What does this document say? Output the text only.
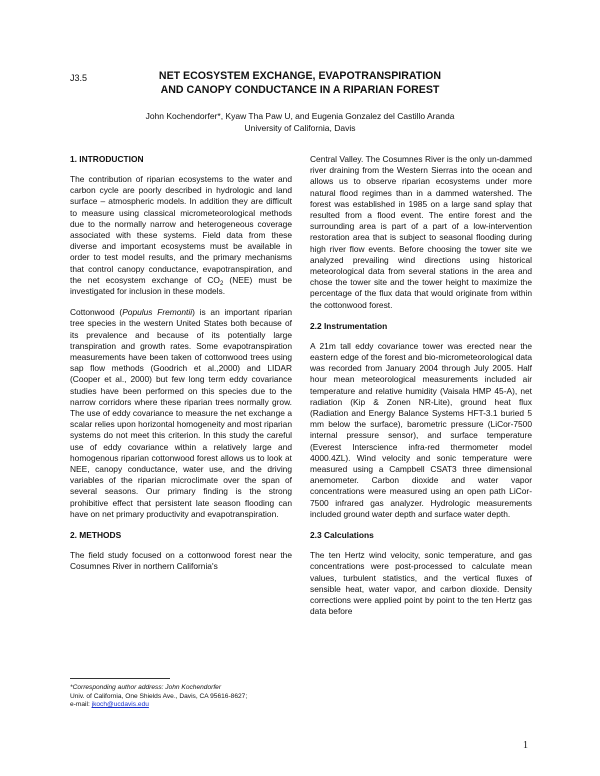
J3.5	NET ECOSYSTEM EXCHANGE, EVAPOTRANSPIRATION
AND CANOPY CONDUCTANCE IN A RIPARIAN FOREST
John Kochendorfer*, Kyaw Tha Paw U, and Eugenia Gonzalez del Castillo Aranda
University of California, Davis
1. INTRODUCTION

The contribution of riparian ecosystems to the water and carbon cycle are poorly described in hydrologic and land surface – atmospheric models. In addition they are difficult to measure using classical micrometeorological methods due to the normally narrow and heterogeneous coverage associated with these systems. Field data from these diverse and important ecosystems must be available in order to test model results, and the primary mechanisms that control canopy conductance, evapotranspiration, and the net ecosystem exchange of $CO_2$ (NEE) must be investigated for inclusion in these models.

Cottonwood (Populus Fremontii) is an important riparian tree species in the western United States both because of its prevalence and because of its potentially large transpiration and growth rates. Some evapotranspiration measurements have been taken of cottonwood trees using sap flow methods (Goodrich et al.,2000) and LIDAR (Cooper et al., 2000) but few long term eddy covariance studies have been performed on this species due to the narrow corridors where these riparian trees normally grow. The use of eddy covariance to measure the net exchange a scalar relies upon horizontal homogeneity and most riparian systems do not meet this criterion. In this study the careful use of eddy covariance within a relatively large and homogenous riparian cottonwood forest allows us to look at NEE, canopy conductance, water use, and the driving variables of the riparian microclimate over the span of several seasons. Our primary finding is the strong prohibitive effect that persistent late season flooding can have on net primary productivity and evapotranspiration.

2. METHODS

The field study focused on a cottonwood forest near the Cosumnes River in northern California's

Central Valley. The Cosumnes River is the only un-dammed river draining from the Western Sierras into the ocean and allows us to observe riparian ecosystems under more natural flood regimes than in a dammed watershed. The forest was established in 1985 on a large sand splay that resulted from a flood event. The entire forest and the surrounding area is part of a part of a low-intervention restoration area that is subject to seasonal flooding during high river flow events. Before choosing the tower site we analyzed prevailing wind directions using historical meteorological data from several stations in the area and chose the tower site and the tower height to maximize the percentage of the flux data that would originate from within the cottonwood forest.

2.2 Instrumentation

A 21m tall eddy covariance tower was erected near the eastern edge of the forest and bio-micrometeorological data was recorded from January 2004 through July 2005. Half hour mean meteorological measurements included air temperature and relative humidity (Vaisala HMP 45-A), net radiation (Kip & Zonen NR-Lite), ground heat flux (Radiation and Energy Balance Systems HFT-3.1 buried 5 mm below the surface), barometric pressure (LiCor-7500 internal pressure sensor), and surface temperature (Everest Interscience infra-red thermometer model 4000.4ZL). Wind velocity and sonic temperature were measured using a Campbell CSAT3 three dimensional anemometer. Carbon dioxide and water vapor concentrations were measured using an open path LiCor-7500 infrared gas analyzer. Hydrologic measurements included ground water depth and surface water depth.

2.3 Calculations

The ten Hertz wind velocity, sonic temperature, and gas concentrations were post-processed to calculate mean values, turbulent statistics, and the vertical fluxes of sensible heat, water vapor, and carbon dioxide. Density corrections were applied point by point to the ten Hertz gas data before

*Corresponding author address: John Kochendorfer
Univ. of California, One Shields Ave., Davis, CA 95616-8627;
e-mail: jkoch@ucdavis.edu
1
